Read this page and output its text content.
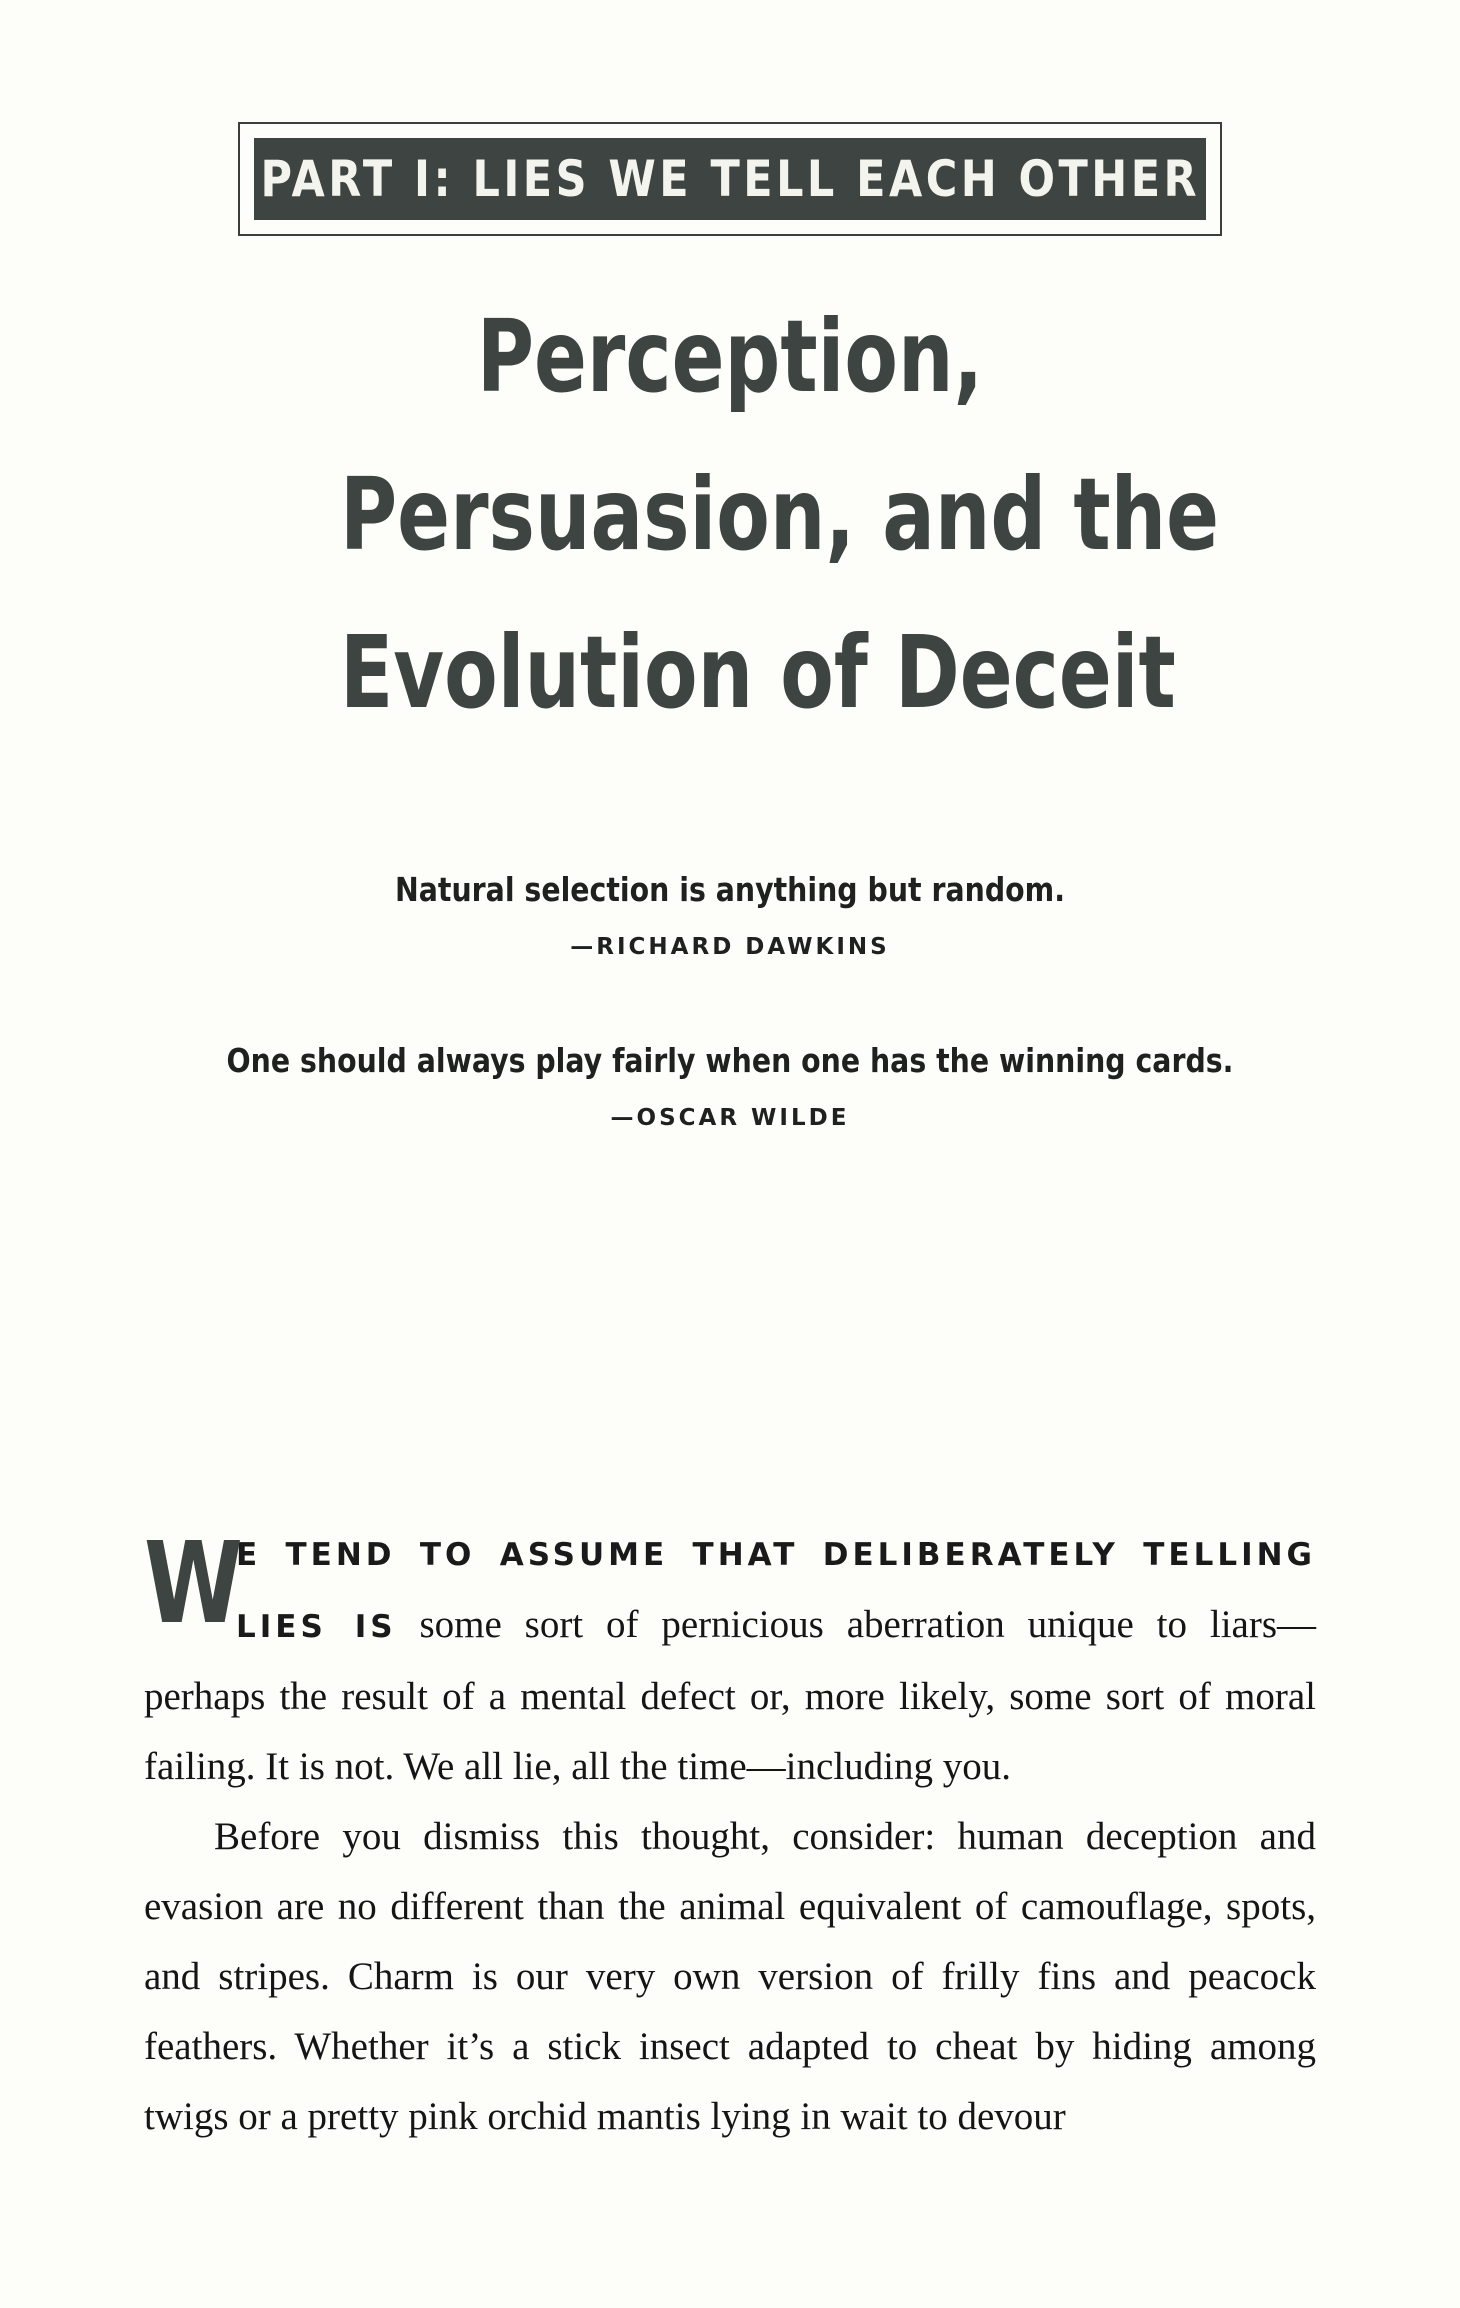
PART I: LIES WE TELL EACH OTHER
Perception,
Persuasion, and the
Evolution of Deceit
Natural selection is anything but random.
—RICHARD DAWKINS
One should always play fairly when one has the winning cards.
—OSCAR WILDE

W
E TEND TO ASSUME THAT DELIBERATELY TELLING LIES IS some sort of pernicious aberration unique to liars—perhaps the result of a mental defect or, more likely, some sort of moral failing. It is not. We all lie, all the time—including you.

Before you dismiss this thought, consider: human deception and evasion are no different than the animal equivalent of camouflage, spots, and stripes. Charm is our very own version of frilly fins and peacock feathers. Whether it’s a stick insect adapted to cheat by hiding among twigs or a pretty pink orchid mantis lying in wait to devour
